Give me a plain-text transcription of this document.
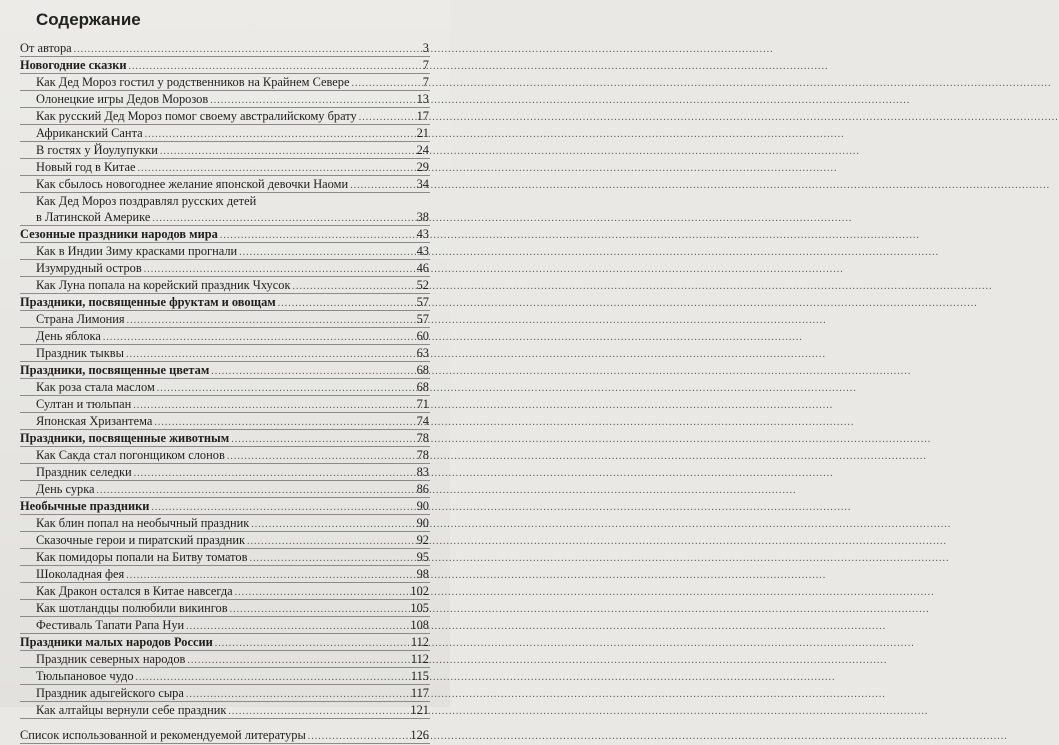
Содержание
От автора .....	3
Новогодние сказки .....	7
Как Дед Мороз гостил у родственников на Крайнем Севере .....	7
Олонецкие игры Дедов Морозов .....	13
Как русский Дед Мороз помог своему австралийскому брату .....	17
Африканский Санта .....	21
В гостях у Йоулупукки .....	24
Новый год в Китае .....	29
Как сбылось новогоднее желание японской девочки Наоми .....	34
Как Дед Мороз поздравлял русских детей
в Латинской Америке .....	38
Сезонные праздники народов мира .....	43
Как в Индии Зиму красками прогнали .....	43
Изумрудный остров .....	46
Как Луна попала на корейский праздник Чхусок .....	52
Праздники, посвященные фруктам и овощам .....	57
Страна Лимония .....	57
День яблока .....	60
Праздник тыквы .....	63
Праздники, посвященные цветам .....	68
Как роза стала маслом .....	68
Султан и тюльпан .....	71
Японская Хризантема .....	74
Праздники, посвященные животным .....	78
Как Сакда стал погонщиком слонов .....	78
Праздник селедки .....	83
День сурка .....	86
Необычные праздники .....	90
Как блин попал на необычный праздник .....	90
Сказочные герои и пиратский праздник .....	92
Как помидоры попали на Битву томатов .....	95
Шоколадная фея .....	98
Как Дракон остался в Китае навсегда .....	102
Как шотландцы полюбили викингов .....	105
Фестиваль Тапати Рапа Нуи .....	108
Праздники малых народов России .....	112
Праздник северных народов .....	112
Тюльпановое чудо .....	115
Праздник адыгейского сыра .....	117
Как алтайцы вернули себе праздник .....	121
Список использованной и рекомендуемой литературы .....	126
